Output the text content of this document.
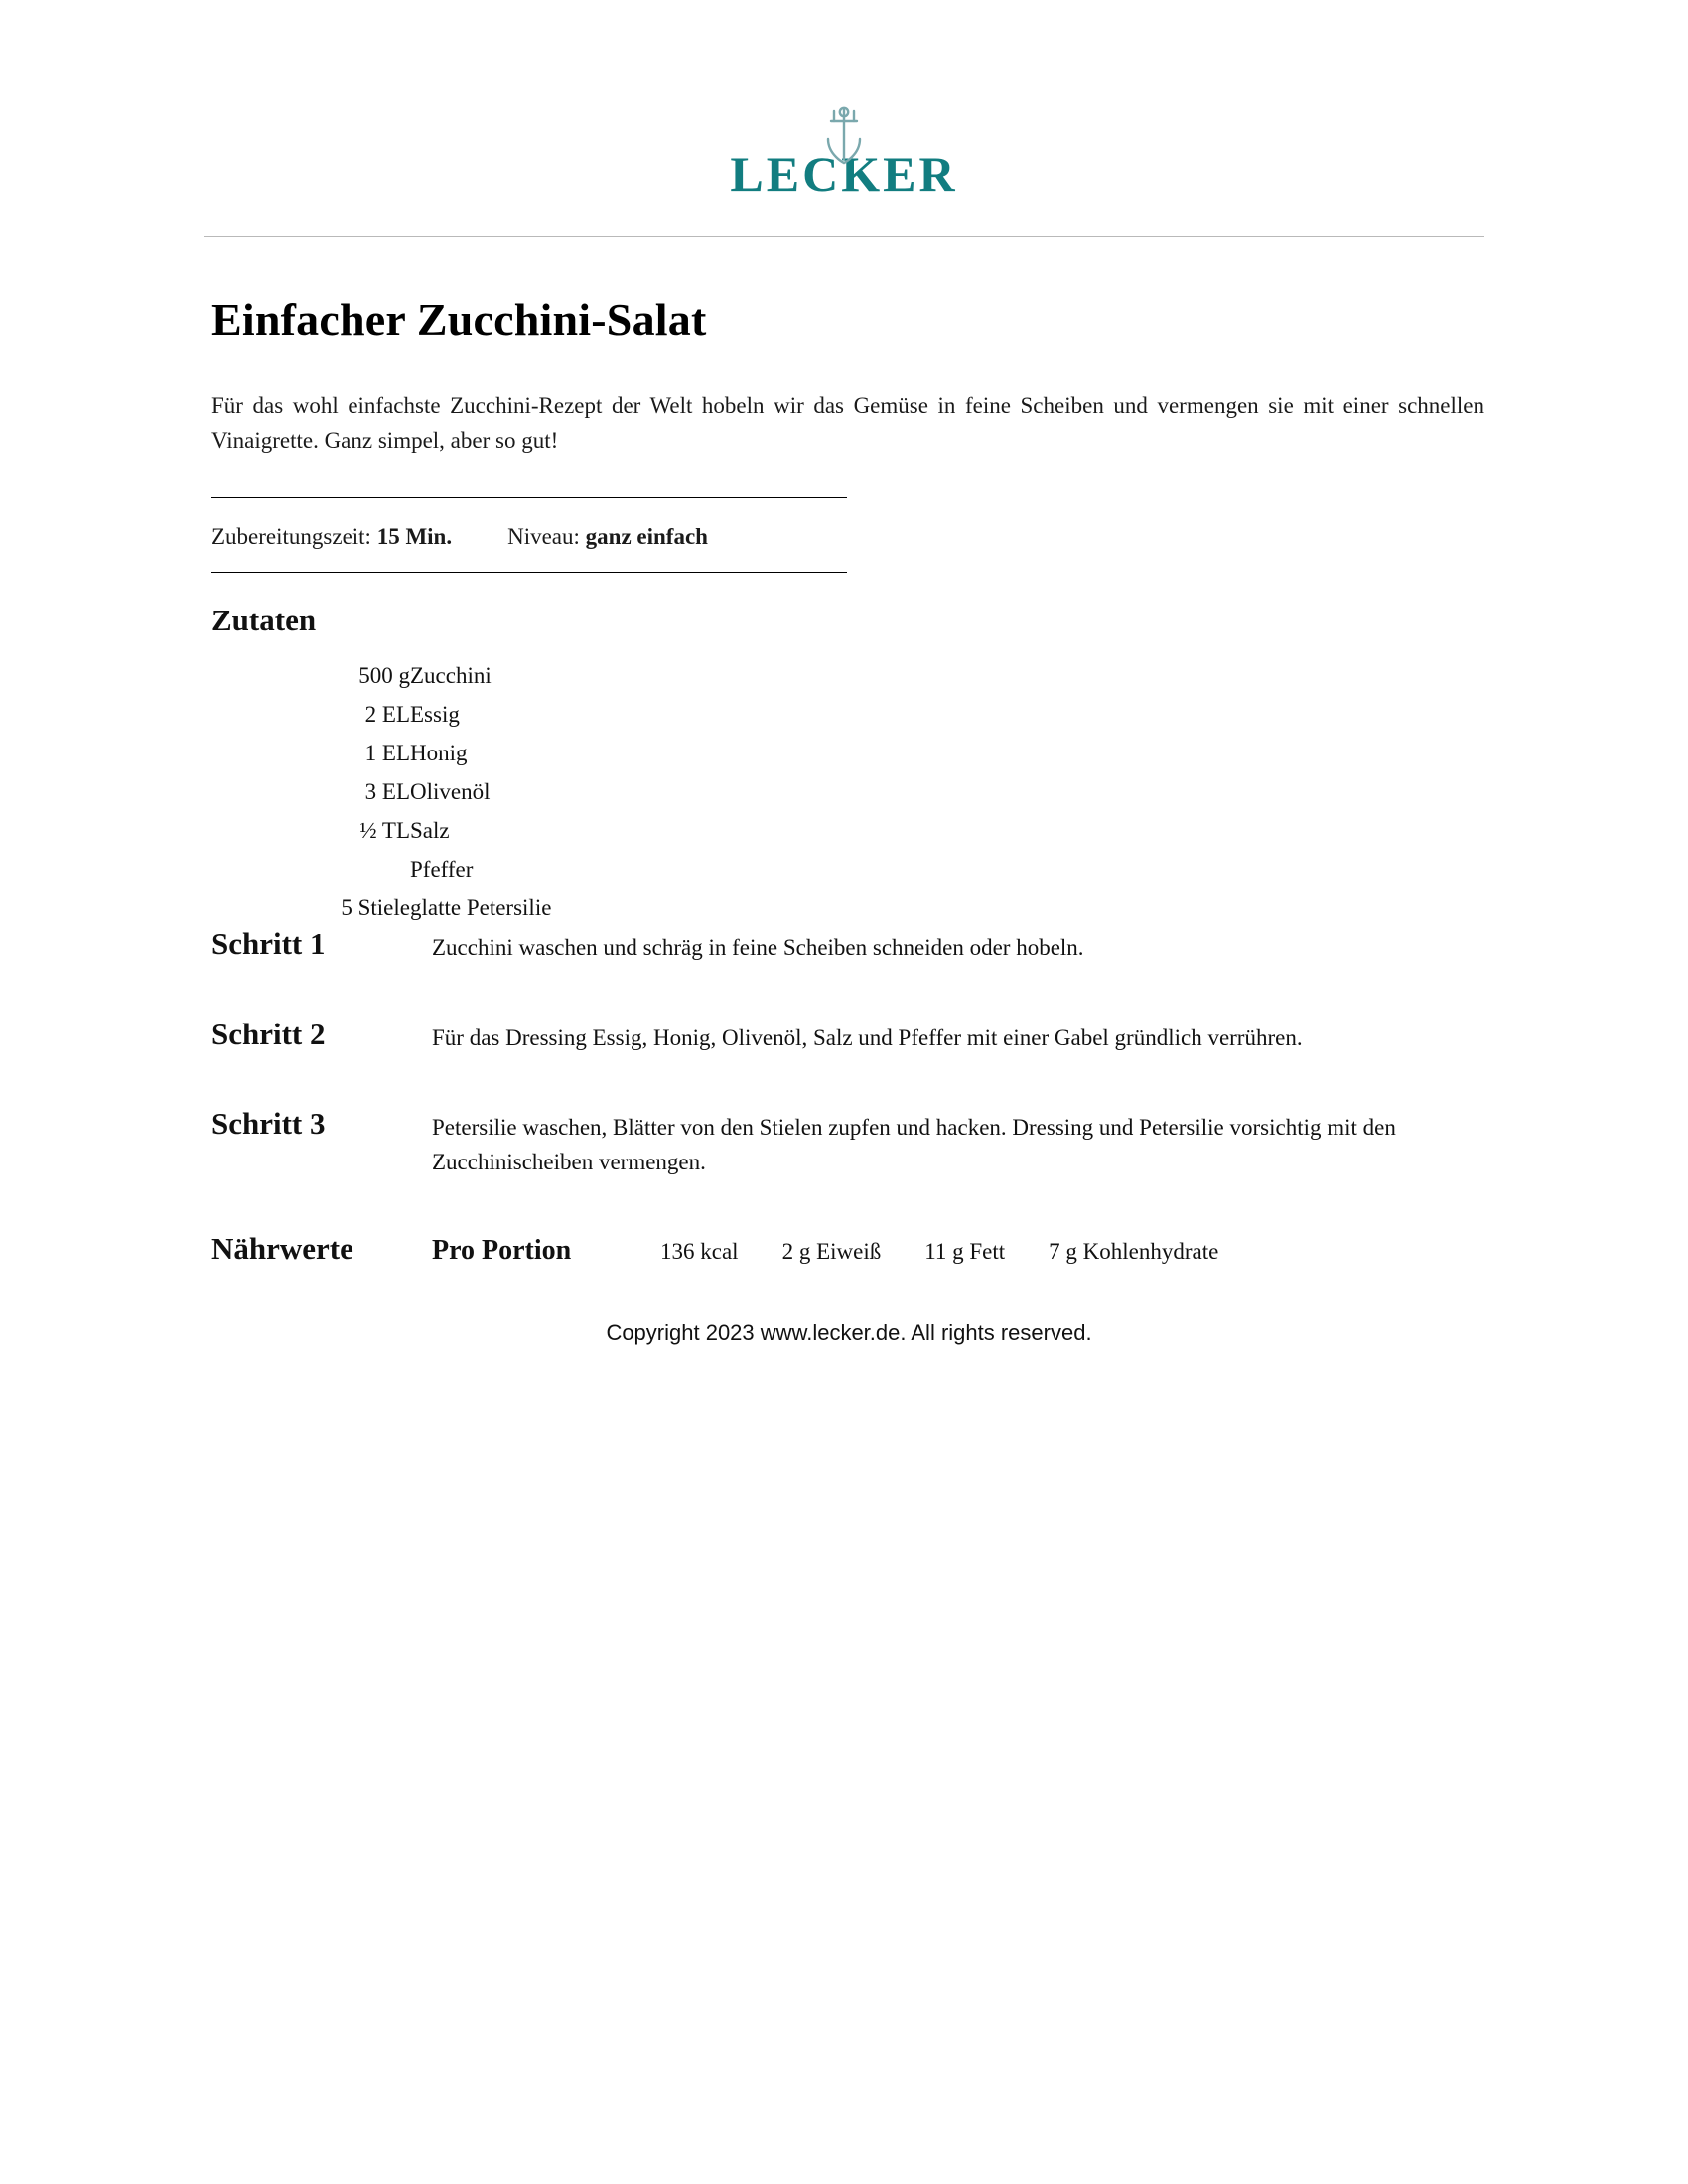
LECKER
Einfacher Zucchini-Salat

Für das wohl einfachste Zucchini-Rezept der Welt hobeln wir das Gemüse in feine Scheiben und vermengen sie mit einer schnellen Vinaigrette. Ganz simpel, aber so gut!

Zubereitungszeit: 15 Min. Niveau: ganz einfach
Zutaten
500 g	Zucchini
2 EL	Essig
1 EL	Honig
3 EL	Olivenöl
½ TL	Salz
	Pfeffer
5 Stiele	glatte Petersilie
Schritt 1	Zucchini waschen und schräg in feine Scheiben schneiden oder hobeln.
Schritt 2	Für das Dressing Essig, Honig, Olivenöl, Salz und Pfeffer mit einer Gabel gründlich verrühren.
Schritt 3	Petersilie waschen, Blätter von den Stielen zupfen und hacken. Dressing und Petersilie vorsichtig mit den Zucchinischeiben vermengen.
Nährwerte	Pro Portion	136 kcal 2 g Eiweiß 11 g Fett 7 g Kohlenhydrate
Copyright 2023 www.lecker.de. All rights reserved.
